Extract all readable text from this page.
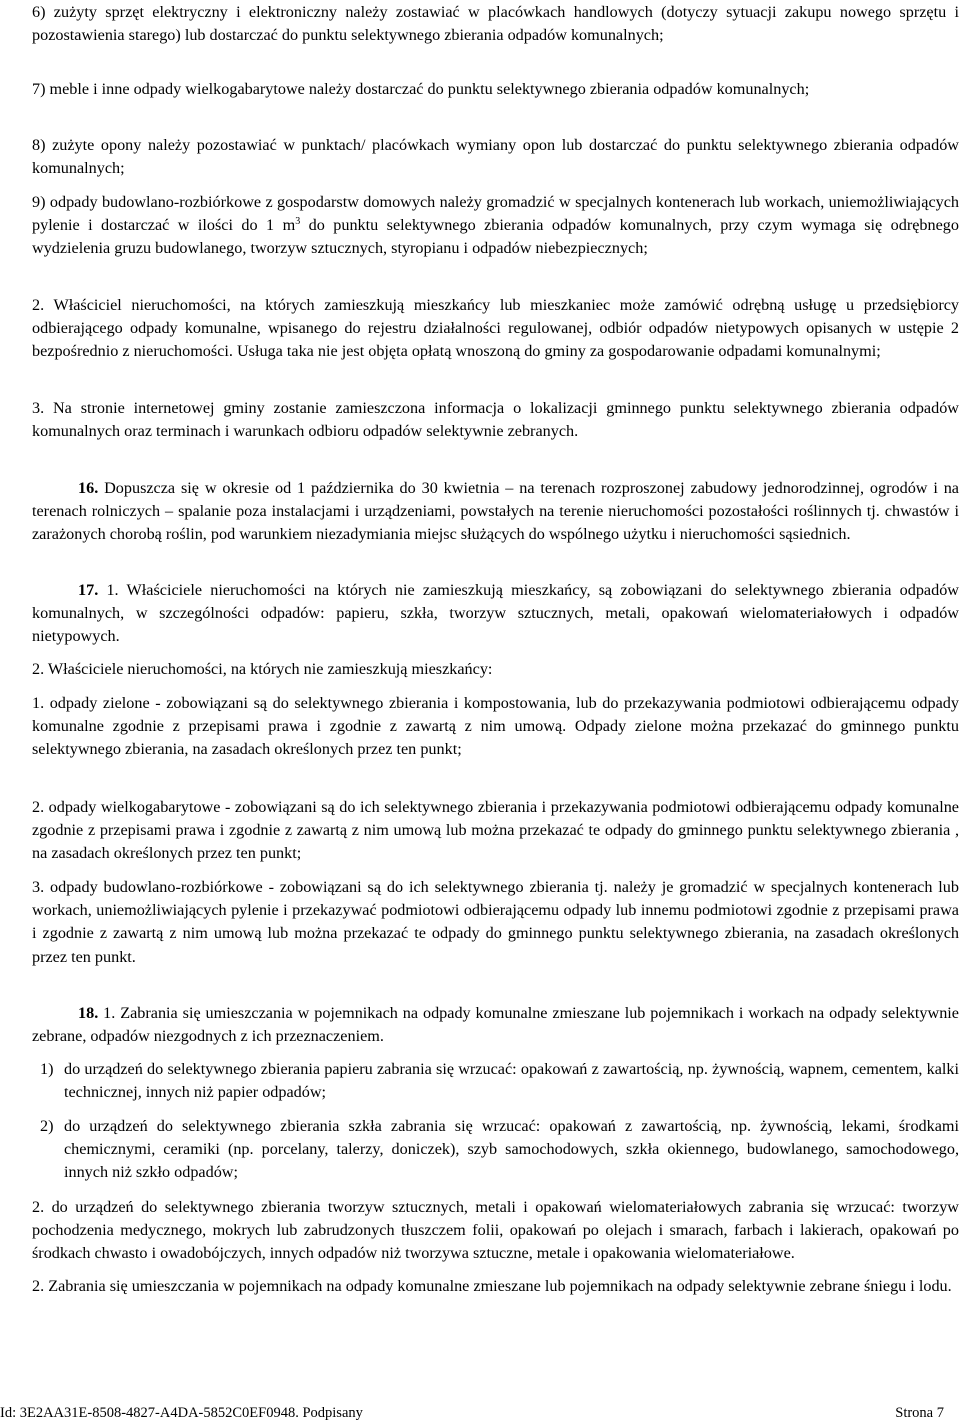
6) zużyty sprzęt elektryczny i elektroniczny należy zostawiać w placówkach handlowych (dotyczy sytuacji zakupu nowego sprzętu i pozostawienia starego) lub dostarczać do punktu selektywnego zbierania odpadów komunalnych;

7) meble i inne odpady wielkogabarytowe należy dostarczać do punktu selektywnego zbierania odpadów komunalnych;

8) zużyte opony należy pozostawiać w punktach/ placówkach wymiany opon lub dostarczać do punktu selektywnego zbierania odpadów komunalnych;

9) odpady budowlano-rozbiórkowe z gospodarstw domowych należy gromadzić w specjalnych kontenerach lub workach, uniemożliwiających pylenie i dostarczać w ilości do 1 $m^3$ do punktu selektywnego zbierania odpadów komunalnych, przy czym wymaga się odrębnego wydzielenia gruzu budowlanego, tworzyw sztucznych, styropianu i odpadów niebezpiecznych;

2. Właściciel nieruchomości, na których zamieszkują mieszkańcy lub mieszkaniec może zamówić odrębną usługę u przedsiębiorcy odbierającego odpady komunalne, wpisanego do rejestru działalności regulowanej, odbiór odpadów nietypowych opisanych w ustępie 2 bezpośrednio z nieruchomości. Usługa taka nie jest objęta opłatą wnoszoną do gminy za gospodarowanie odpadami komunalnymi;

3. Na stronie internetowej gminy zostanie zamieszczona informacja o lokalizacji gminnego punktu selektywnego zbierania odpadów komunalnych oraz terminach i warunkach odbioru odpadów selektywnie zebranych.

16. Dopuszcza się w okresie od 1 października do 30 kwietnia – na terenach rozproszonej zabudowy jednorodzinnej, ogrodów i na terenach rolniczych – spalanie poza instalacjami i urządzeniami, powstałych na terenie nieruchomości pozostałości roślinnych tj. chwastów i zarażonych chorobą roślin, pod warunkiem niezadymiania miejsc służących do wspólnego użytku i nieruchomości sąsiednich.

17. 1. Właściciele nieruchomości na których nie zamieszkują mieszkańcy, są zobowiązani do selektywnego zbierania odpadów komunalnych, w szczególności odpadów: papieru, szkła, tworzyw sztucznych, metali, opakowań wielomateriałowych i odpadów nietypowych.

2. Właściciele nieruchomości, na których nie zamieszkują mieszkańcy:

1. odpady zielone - zobowiązani są do selektywnego zbierania i kompostowania, lub do przekazywania podmiotowi odbierającemu odpady komunalne zgodnie z przepisami prawa i zgodnie z zawartą z nim umową. Odpady zielone można przekazać do gminnego punktu selektywnego zbierania, na zasadach określonych przez ten punkt;

2. odpady wielkogabarytowe - zobowiązani są do ich selektywnego zbierania i przekazywania podmiotowi odbierającemu odpady komunalne zgodnie z przepisami prawa i zgodnie z zawartą z nim umową lub można przekazać te odpady do gminnego punktu selektywnego zbierania , na zasadach określonych przez ten punkt;

3. odpady budowlano-rozbiórkowe - zobowiązani są do ich selektywnego zbierania tj. należy je gromadzić w specjalnych kontenerach lub workach, uniemożliwiających pylenie i przekazywać podmiotowi odbierającemu odpady lub innemu podmiotowi zgodnie z przepisami prawa i zgodnie z zawartą z nim umową lub można przekazać te odpady do gminnego punktu selektywnego zbierania, na zasadach określonych przez ten punkt.

18. 1. Zabrania się umieszczania w pojemnikach na odpady komunalne zmieszane lub pojemnikach i workach na odpady selektywnie zebrane, odpadów niezgodnych z ich przeznaczeniem.

1) do urządzeń do selektywnego zbierania papieru zabrania się wrzucać: opakowań z zawartością, np. żywnością, wapnem, cementem, kalki technicznej, innych niż papier odpadów;
2) do urządzeń do selektywnego zbierania szkła zabrania się wrzucać: opakowań z zawartością, np. żywnością, lekami, środkami chemicznymi, ceramiki (np. porcelany, talerzy, doniczek), szyb samochodowych, szkła okiennego, budowlanego, samochodowego, innych niż szkło odpadów;

2. do urządzeń do selektywnego zbierania tworzyw sztucznych, metali i opakowań wielomateriałowych zabrania się wrzucać: tworzyw pochodzenia medycznego, mokrych lub zabrudzonych tłuszczem folii, opakowań po olejach i smarach, farbach i lakierach, opakowań po środkach chwasto i owadobójczych, innych odpadów niż tworzywa sztuczne, metale i opakowania wielomateriałowe.

2. Zabrania się umieszczania w pojemnikach na odpady komunalne zmieszane lub pojemnikach na odpady selektywnie zebrane śniegu i lodu.

Id: 3E2AA31E-8508-4827-A4DA-5852C0EF0948. Podpisany	Strona 7
